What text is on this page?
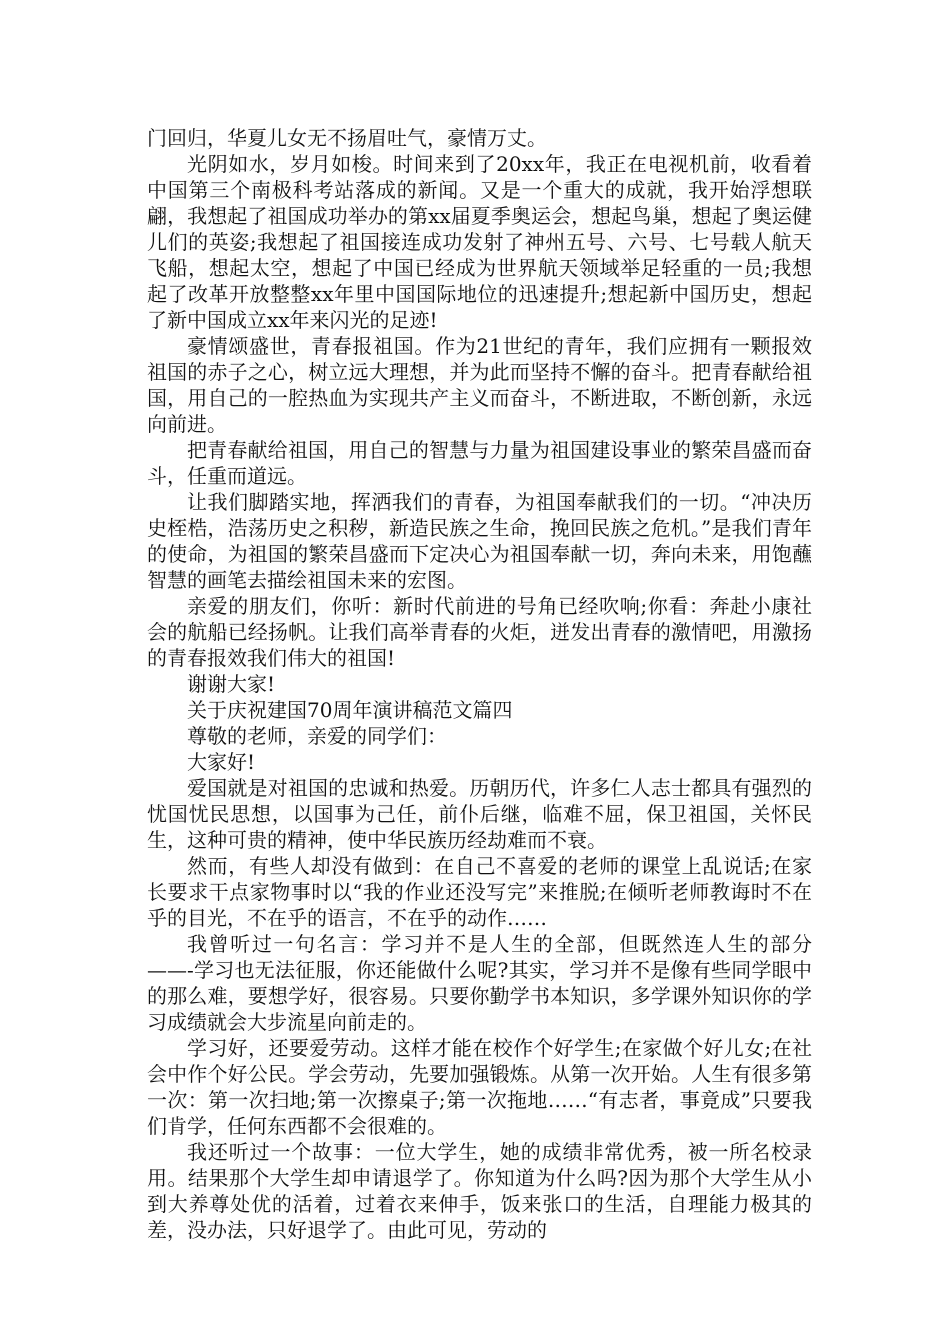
门回归，华夏儿女无不扬眉吐气，豪情万丈。

光阴如水，岁月如梭。时间来到了20xx年，我正在电视机前，收看着中国第三个南极科考站落成的新闻。又是一个重大的成就，我开始浮想联翩，我想起了祖国成功举办的第xx届夏季奥运会，想起鸟巢，想起了奥运健儿们的英姿;我想起了祖国接连成功发射了神州五号、六号、七号载人航天飞船，想起太空，想起了中国已经成为世界航天领域举足轻重的一员;我想起了改革开放整整xx年里中国国际地位的迅速提升;想起新中国历史，想起了新中国成立xx年来闪光的足迹!

豪情颂盛世，青春报祖国。作为21世纪的青年，我们应拥有一颗报效祖国的赤子之心，树立远大理想，并为此而坚持不懈的奋斗。把青春献给祖国，用自己的一腔热血为实现共产主义而奋斗，不断进取，不断创新，永远向前进。

把青春献给祖国，用自己的智慧与力量为祖国建设事业的繁荣昌盛而奋斗，任重而道远。

让我们脚踏实地，挥洒我们的青春，为祖国奉献我们的一切。“冲决历史桎梏，浩荡历史之积秽，新造民族之生命，挽回民族之危机。”是我们青年的使命，为祖国的繁荣昌盛而下定决心为祖国奉献一切，奔向未来，用饱蘸智慧的画笔去描绘祖国未来的宏图。

亲爱的朋友们，你听：新时代前进的号角已经吹响;你看：奔赴小康社会的航船已经扬帆。让我们高举青春的火炬，迸发出青春的激情吧，用激扬的青春报效我们伟大的祖国!

谢谢大家!

关于庆祝建国70周年演讲稿范文篇四

尊敬的老师，亲爱的同学们：

大家好!

爱国就是对祖国的忠诚和热爱。历朝历代，许多仁人志士都具有强烈的忧国忧民思想，以国事为己任，前仆后继，临难不屈，保卫祖国，关怀民生，这种可贵的精神，使中华民族历经劫难而不衰。

然而，有些人却没有做到：在自己不喜爱的老师的课堂上乱说话;在家长要求干点家物事时以“我的作业还没写完”来推脱;在倾听老师教诲时不在乎的目光，不在乎的语言，不在乎的动作……

我曾听过一句名言：学习并不是人生的全部，但既然连人生的部分——-学习也无法征服，你还能做什么呢?其实，学习并不是像有些同学眼中的那么难，要想学好，很容易。只要你勤学书本知识，多学课外知识你的学习成绩就会大步流星向前走的。

学习好，还要爱劳动。这样才能在校作个好学生;在家做个好儿女;在社会中作个好公民。学会劳动，先要加强锻炼。从第一次开始。人生有很多第一次：第一次扫地;第一次擦桌子;第一次拖地……“有志者，事竟成”只要我们肯学，任何东西都不会很难的。

我还听过一个故事：一位大学生，她的成绩非常优秀，被一所名校录用。结果那个大学生却申请退学了。你知道为什么吗?因为那个大学生从小到大养尊处优的活着，过着衣来伸手，饭来张口的生活，自理能力极其的差，没办法，只好退学了。由此可见，劳动的
